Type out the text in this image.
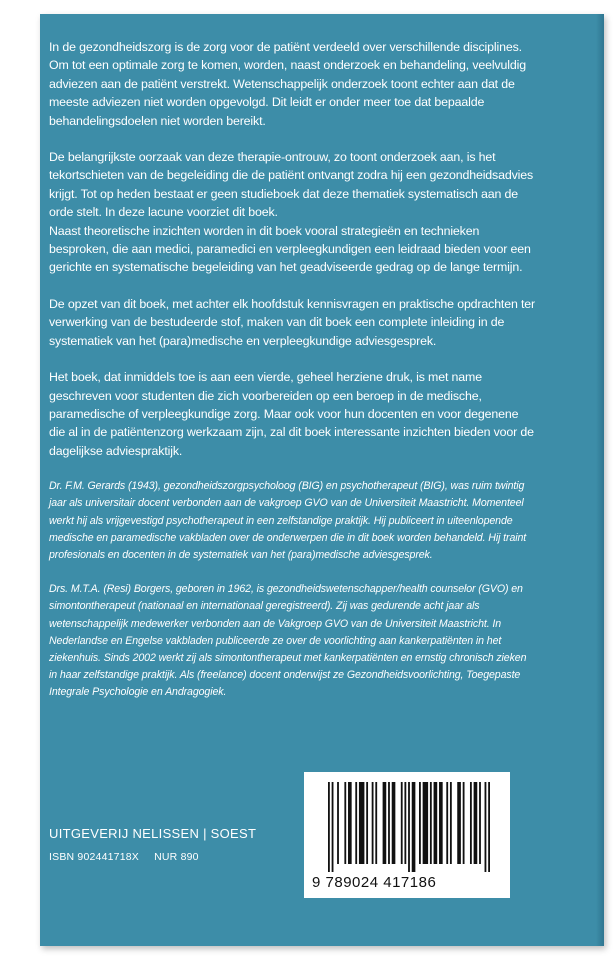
In de gezondheidszorg is de zorg voor de patiënt verdeeld over verschillende disciplines. Om tot een optimale zorg te komen, worden, naast onderzoek en behandeling, veelvuldig adviezen aan de patiënt verstrekt. Wetenschappelijk onderzoek toont echter aan dat de meeste adviezen niet worden opgevolgd. Dit leidt er onder meer toe dat bepaalde behandelingsdoelen niet worden bereikt.

De belangrijkste oorzaak van deze therapie-ontrouw, zo toont onderzoek aan, is het tekortschieten van de begeleiding die de patiënt ontvangt zodra hij een gezondheidsadvies krijgt. Tot op heden bestaat er geen studieboek dat deze thematiek systematisch aan de orde stelt. In deze lacune voorziet dit boek.

Naast theoretische inzichten worden in dit boek vooral strategieën en technieken besproken, die aan medici, paramedici en verpleegkundigen een leidraad bieden voor een gerichte en systematische begeleiding van het geadviseerde gedrag op de lange termijn.

De opzet van dit boek, met achter elk hoofdstuk kennisvragen en praktische opdrachten ter verwerking van de bestudeerde stof, maken van dit boek een complete inleiding in de systematiek van het (para)medische en verpleegkundige adviesgesprek.

Het boek, dat inmiddels toe is aan een vierde, geheel herziene druk, is met name geschreven voor studenten die zich voorbereiden op een beroep in de medische, paramedische of verpleegkundige zorg. Maar ook voor hun docenten en voor degenene die al in de patiëntenzorg werkzaam zijn, zal dit boek interessante inzichten bieden voor de dagelijkse adviespraktijk.

Dr. F.M. Gerards (1943), gezondheidszorgpsycholoog (BIG) en psychotherapeut (BIG), was ruim twintig jaar als universitair docent verbonden aan de vakgroep GVO van de Universiteit Maastricht. Momenteel werkt hij als vrijgevestigd psychotherapeut in een zelfstandige praktijk. Hij publiceert in uiteenlopende medische en paramedische vakbladen over de onderwerpen die in dit boek worden behandeld. Hij traint profesionals en docenten in de systematiek van het (para)medische adviesgesprek.

Drs. M.T.A. (Resi) Borgers, geboren in 1962, is gezondheidswetenschapper/health counselor (GVO) en simontontherapeut (nationaal en internationaal geregistreerd). Zij was gedurende acht jaar als wetenschappelijk medewerker verbonden aan de Vakgroep GVO van de Universiteit Maastricht. In Nederlandse en Engelse vakbladen publiceerde ze over de voorlichting aan kankerpatiënten in het ziekenhuis. Sinds 2002 werkt zij als simontontherapeut met kankerpatiënten en ernstig chronisch zieken in haar zelfstandige praktijk. Als (freelance) docent onderwijst ze Gezondheidsvoorlichting, Toegepaste Integrale Psychologie en Andragogiek.

UITGEVERIJ NELISSEN | SOEST
ISBN 902441718X NUR 890
9 789024 417186
